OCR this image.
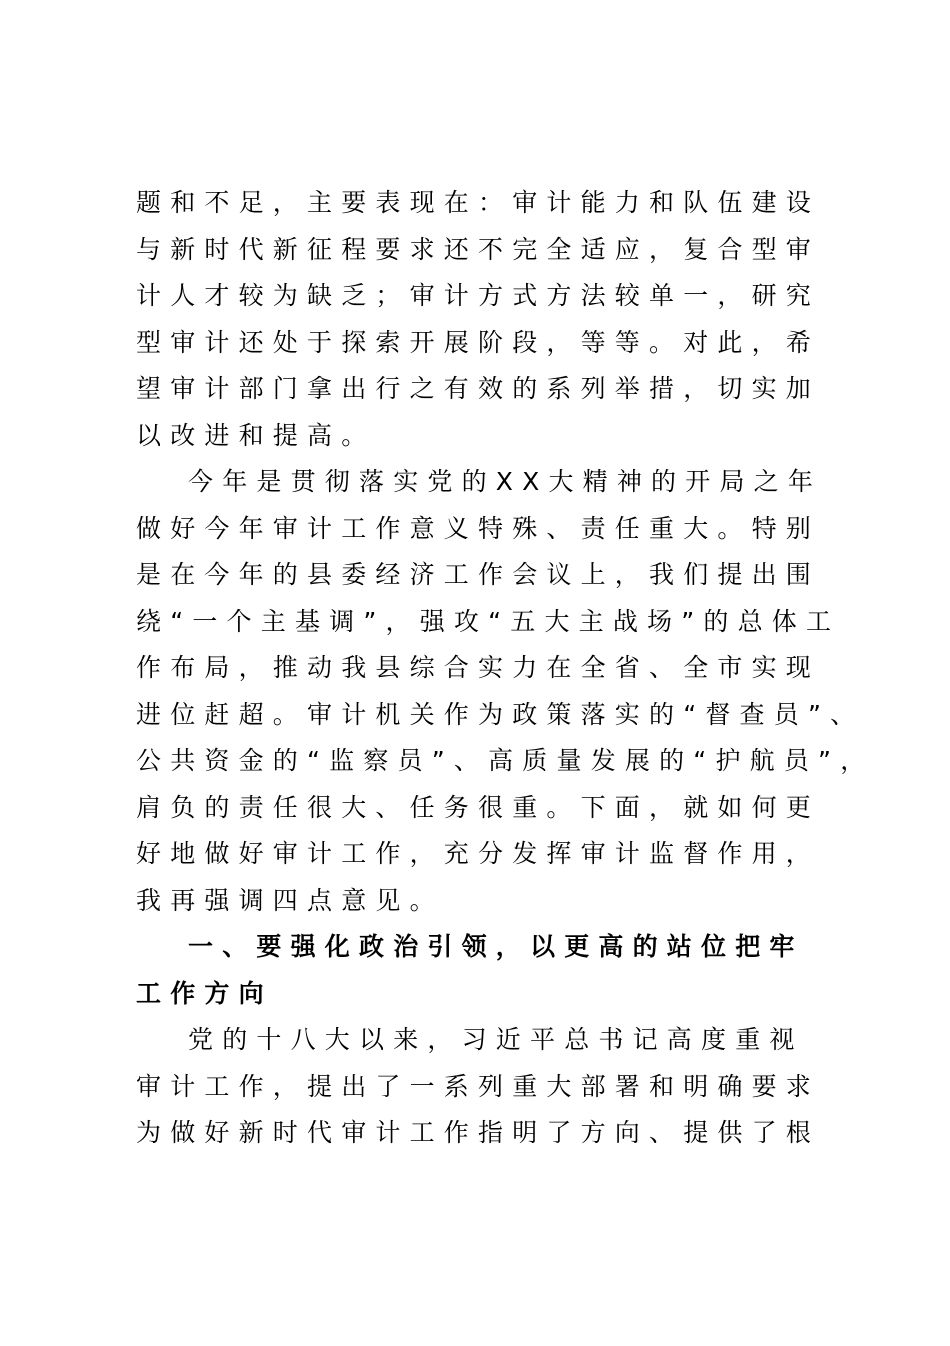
题和不足，主要表现在：审计能力和队伍建设
与新时代新征程要求还不完全适应，复合型审
计人才较为缺乏；审计方式方法较单一，研究
型审计还处于探索开展阶段，等等。对此，希
望审计部门拿出行之有效的系列举措，切实加
以改进和提高。
今年是贯彻落实党的XX大精神的开局之年
做好今年审计工作意义特殊、责任重大。特别
是在今年的县委经济工作会议上，我们提出围
绕“一个主基调”，强攻“五大主战场”的总体工
作布局，推动我县综合实力在全省、全市实现
进位赶超。审计机关作为政策落实的“督查员”、
公共资金的“监察员”、高质量发展的“护航员”，
肩负的责任很大、任务很重。下面，就如何更
好地做好审计工作，充分发挥审计监督作用，
我再强调四点意见。
一、要强化政治引领，以更高的站位把牢
工作方向
党的十八大以来，习近平总书记高度重视
审计工作，提出了一系列重大部署和明确要求
为做好新时代审计工作指明了方向、提供了根
